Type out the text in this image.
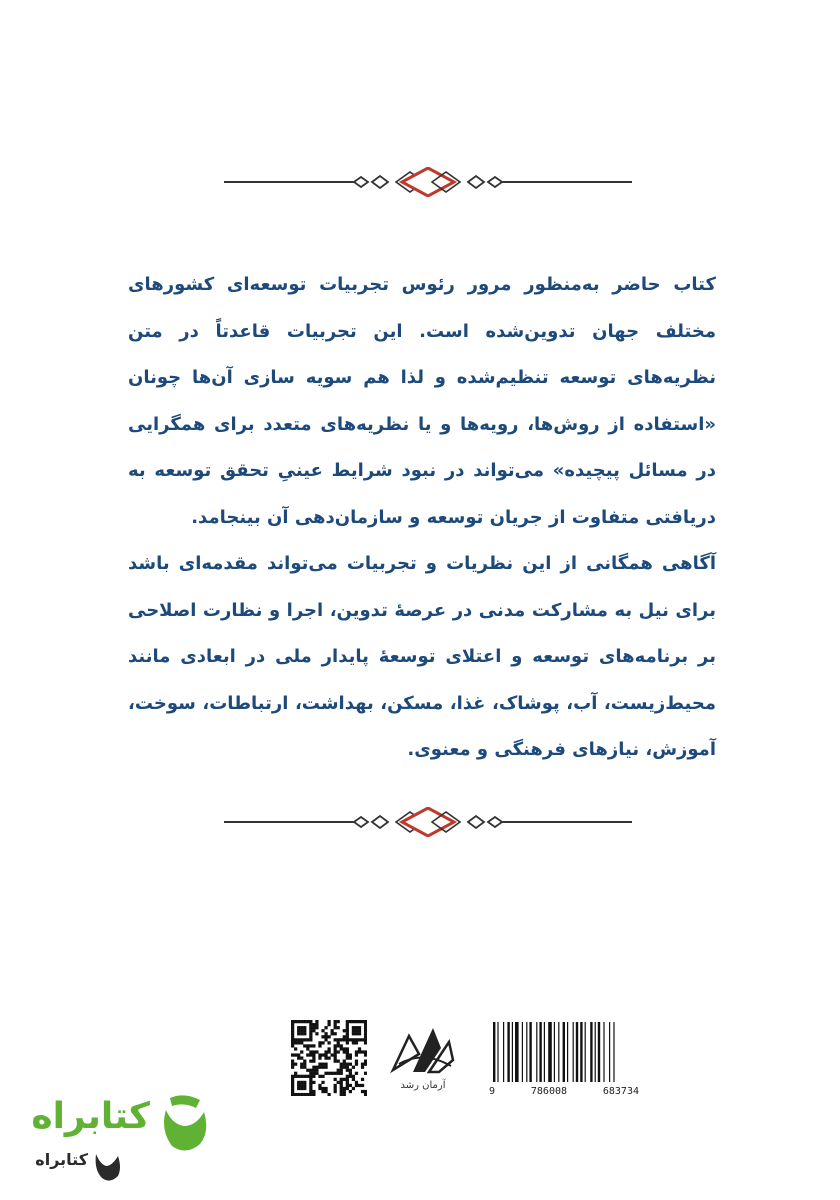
کتاب حاضر به‌منظور مرور رئوس تجربیات توسعه‌ای کشورهای مختلف جهان تدوین‌شده است. این تجربیات قاعدتاً در متن نظریه‌های توسعه تنظیم‌شده و لذا هم سویه سازی آن‌ها چونان «استفاده از روش‌ها، رویه‌ها و یا نظریه‌های متعدد برای همگرایی در مسائل پیچیده» می‌تواند در نبود شرایط عینیِ تحقق توسعه به دریافتی متفاوت از جریان توسعه و سازمان‌دهی آن بینجامد.

آگاهی همگانی از این نظریات و تجربیات می‌تواند مقدمه‌ای باشد برای نیل به مشارکت مدنی در عرصهٔ تدوین، اجرا و نظارت اصلاحی بر برنامه‌های توسعه و اعتلای توسعهٔ پایدار ملی در ابعادی مانند محیط‌زیست، آب، پوشاک، غذا، مسکن، بهداشت، ارتباطات، سوخت، آموزش، نیازهای فرهنگی و معنوی.

آرمان رشد
9	786008	683734
کتابراه
کتابراه
